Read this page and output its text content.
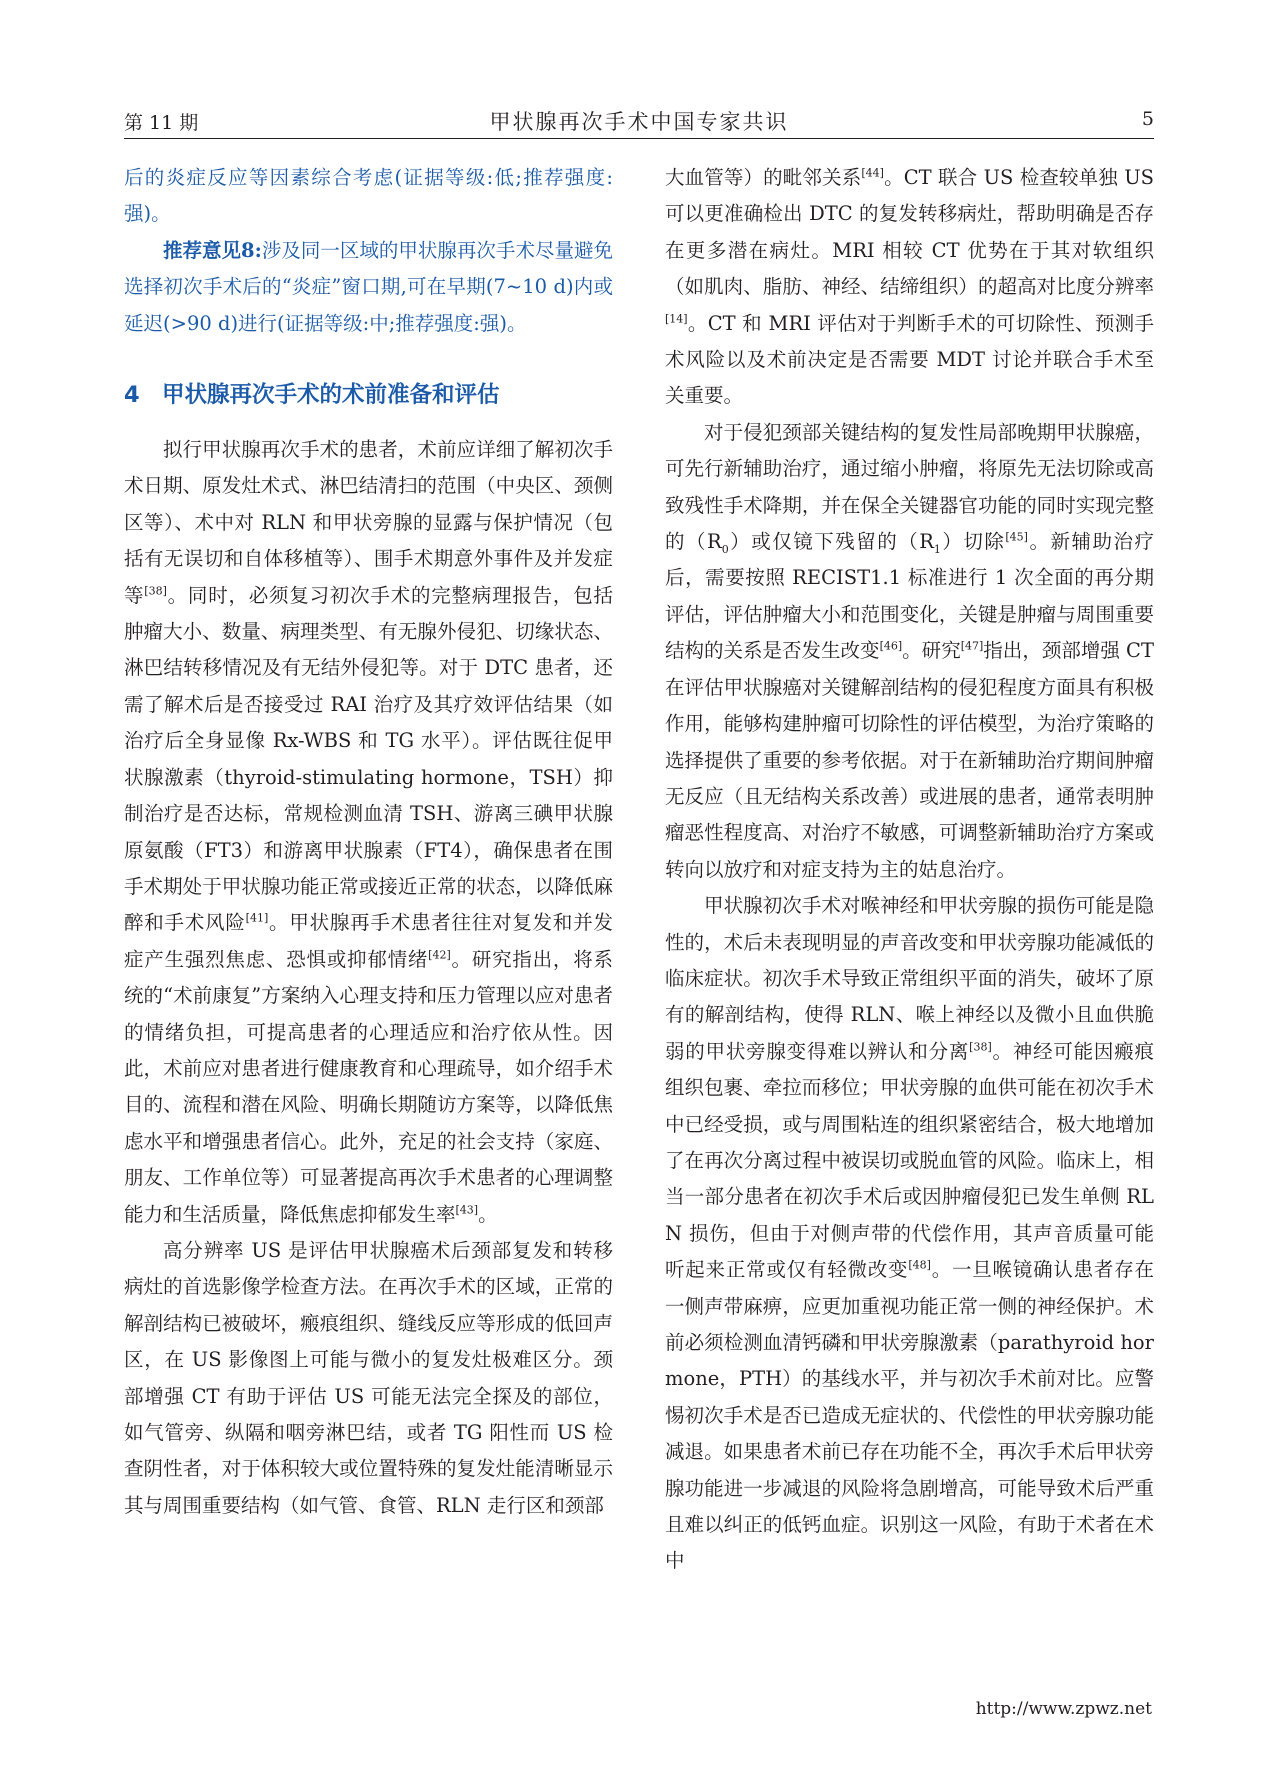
第 11 期	甲状腺再次手术中国专家共识	5

后的炎症反应等因素综合考虑(证据等级:低;推荐强度:强)。

推荐意见8:涉及同一区域的甲状腺再次手术尽量避免选择初次手术后的“炎症”窗口期,可在早期(7~10 d)内或延迟(>90 d)进行(证据等级:中;推荐强度:强)。

4 甲状腺再次手术的术前准备和评估

拟行甲状腺再次手术的患者，术前应详细了解初次手术日期、原发灶术式、淋巴结清扫的范围（中央区、颈侧区等）、术中对 RLN 和甲状旁腺的显露与保护情况（包括有无误切和自体移植等）、围手术期意外事件及并发症等[38]。同时，必须复习初次手术的完整病理报告，包括肿瘤大小、数量、病理类型、有无腺外侵犯、切缘状态、淋巴结转移情况及有无结外侵犯等。对于 DTC 患者，还需了解术后是否接受过 RAI 治疗及其疗效评估结果（如治疗后全身显像 Rx-WBS 和 TG 水平）。评估既往促甲状腺激素（thyroid-stimulating hormone，TSH）抑制治疗是否达标，常规检测血清 TSH、游离三碘甲状腺原氨酸（FT3）和游离甲状腺素（FT4），确保患者在围手术期处于甲状腺功能正常或接近正常的状态，以降低麻醉和手术风险[41]。甲状腺再手术患者往往对复发和并发症产生强烈焦虑、恐惧或抑郁情绪[42]。研究指出，将系统的“术前康复”方案纳入心理支持和压力管理以应对患者的情绪负担，可提高患者的心理适应和治疗依从性。因此，术前应对患者进行健康教育和心理疏导，如介绍手术目的、流程和潜在风险、明确长期随访方案等，以降低焦虑水平和增强患者信心。此外，充足的社会支持（家庭、朋友、工作单位等）可显著提高再次手术患者的心理调整能力和生活质量，降低焦虑抑郁发生率[43]。

高分辨率 US 是评估甲状腺癌术后颈部复发和转移病灶的首选影像学检查方法。在再次手术的区域，正常的解剖结构已被破坏，瘢痕组织、缝线反应等形成的低回声区，在 US 影像图上可能与微小的复发灶极难区分。颈部增强 CT 有助于评估 US 可能无法完全探及的部位，如气管旁、纵隔和咽旁淋巴结，或者 TG 阳性而 US 检查阴性者，对于体积较大或位置特殊的复发灶能清晰显示其与周围重要结构（如气管、食管、RLN 走行区和颈部

大血管等）的毗邻关系[44]。CT 联合 US 检查较单独 US 可以更准确检出 DTC 的复发转移病灶，帮助明确是否存在更多潜在病灶。MRI 相较 CT 优势在于其对软组织（如肌肉、脂肪、神经、结缔组织）的超高对比度分辨率[14]。CT 和 MRI 评估对于判断手术的可切除性、预测手术风险以及术前决定是否需要 MDT 讨论并联合手术至关重要。

对于侵犯颈部关键结构的复发性局部晚期甲状腺癌，可先行新辅助治疗，通过缩小肿瘤，将原先无法切除或高致残性手术降期，并在保全关键器官功能的同时实现完整的$(R_0)$或仅镜下残留的$(R_1)$切除[45]。新辅助治疗后，需要按照 RECIST1.1 标准进行 1 次全面的再分期评估，评估肿瘤大小和范围变化，关键是肿瘤与周围重要结构的关系是否发生改变[46]。研究[47]指出，颈部增强 CT 在评估甲状腺癌对关键解剖结构的侵犯程度方面具有积极作用，能够构建肿瘤可切除性的评估模型，为治疗策略的选择提供了重要的参考依据。对于在新辅助治疗期间肿瘤无反应（且无结构关系改善）或进展的患者，通常表明肿瘤恶性程度高、对治疗不敏感，可调整新辅助治疗方案或转向以放疗和对症支持为主的姑息治疗。

甲状腺初次手术对喉神经和甲状旁腺的损伤可能是隐性的，术后未表现明显的声音改变和甲状旁腺功能减低的临床症状。初次手术导致正常组织平面的消失，破坏了原有的解剖结构，使得 RLN、喉上神经以及微小且血供脆弱的甲状旁腺变得难以辨认和分离[38]。神经可能因瘢痕组织包裹、牵拉而移位；甲状旁腺的血供可能在初次手术中已经受损，或与周围粘连的组织紧密结合，极大地增加了在再次分离过程中被误切或脱血管的风险。临床上，相当一部分患者在初次手术后或因肿瘤侵犯已发生单侧 RLN 损伤，但由于对侧声带的代偿作用，其声音质量可能听起来正常或仅有轻微改变[48]。一旦喉镜确认患者存在一侧声带麻痹，应更加重视功能正常一侧的神经保护。术前必须检测血清钙磷和甲状旁腺激素（parathyroid hormone，PTH）的基线水平，并与初次手术前对比。应警惕初次手术是否已造成无症状的、代偿性的甲状旁腺功能减退。如果患者术前已存在功能不全，再次手术后甲状旁腺功能进一步减退的风险将急剧增高，可能导致术后严重且难以纠正的低钙血症。识别这一风险，有助于术者在术中

http://www.zpwz.net
